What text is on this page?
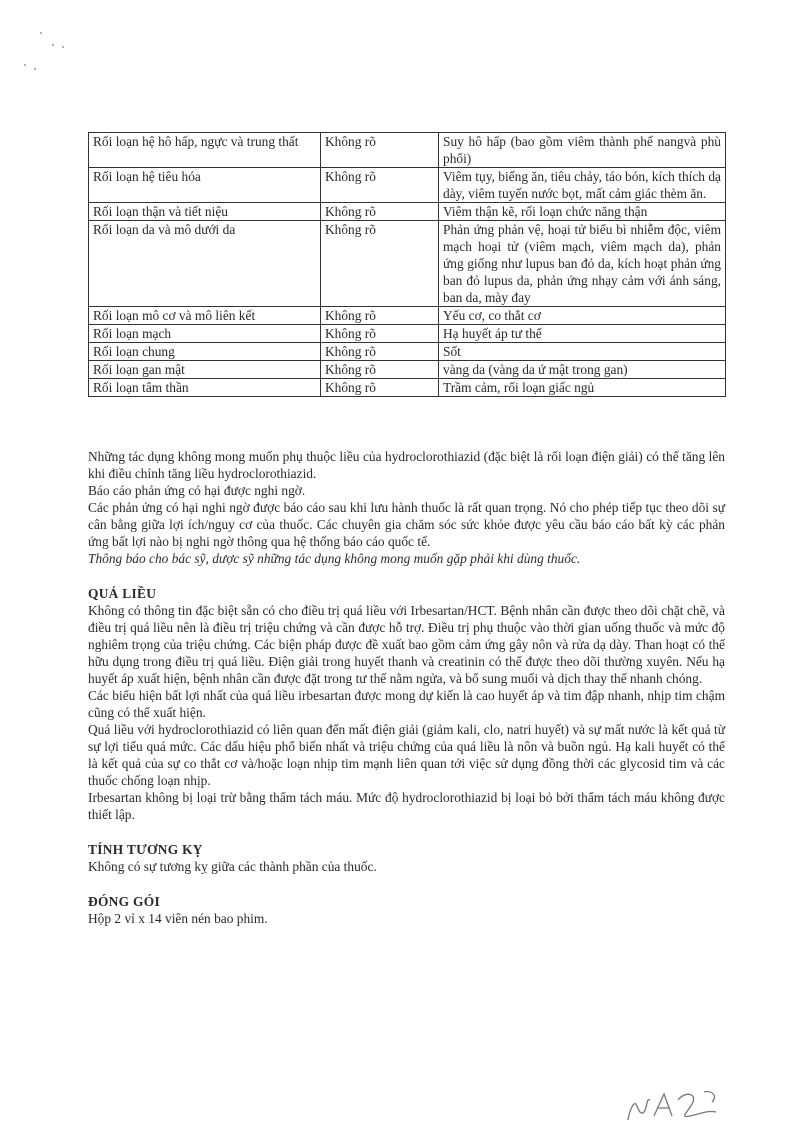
Rối loạn hệ hô hấp, ngực và trung thất	Không rõ	Suy hô hấp (bao gồm viêm thành phế nangvà phù phổi)
Rối loạn hệ tiêu hóa	Không rõ	Viêm tụy, biếng ăn, tiêu chảy, táo bón, kích thích dạ dày, viêm tuyến nước bọt, mất cảm giác thèm ăn.
Rối loạn thận và tiết niệu	Không rõ	Viêm thận kẽ, rối loạn chức năng thận
Rối loạn da và mô dưới da	Không rõ	Phản ứng phản vệ, hoại tử biểu bì nhiễm độc, viêm mạch hoại tử (viêm mạch, viêm mạch da), phản ứng giống như lupus ban đỏ da, kích hoạt phản ứng ban đỏ lupus da, phản ứng nhạy cảm với ánh sáng, ban da, mày đay
Rối loạn mô cơ và mô liên kết	Không rõ	Yếu cơ, co thắt cơ
Rối loạn mạch	Không rõ	Hạ huyết áp tư thế
Rối loạn chung	Không rõ	Sốt
Rối loạn gan mật	Không rõ	vàng da (vàng da ứ mật trong gan)
Rối loạn tâm thần	Không rõ	Trầm cảm, rối loạn giấc ngủ

Những tác dụng không mong muốn phụ thuộc liều của hydroclorothiazid (đặc biệt là rối loạn điện giải) có thể tăng lên khi điều chỉnh tăng liều hydroclorothiazid.

Báo cáo phản ứng có hại được nghi ngờ.

Các phản ứng có hại nghi ngờ được báo cáo sau khi lưu hành thuốc là rất quan trọng. Nó cho phép tiếp tục theo dõi sự cân bằng giữa lợi ích/nguy cơ của thuốc. Các chuyên gia chăm sóc sức khỏe được yêu cầu báo cáo bất kỳ các phản ứng bất lợi nào bị nghi ngờ thông qua hệ thống báo cáo quốc tế.

Thông báo cho bác sỹ, dược sỹ những tác dụng không mong muốn gặp phải khi dùng thuốc.

QUÁ LIỀU

Không có thông tin đặc biệt sẵn có cho điều trị quá liều với Irbesartan/HCT. Bệnh nhân cần được theo dõi chặt chẽ, và điều trị quá liều nên là điều trị triệu chứng và cần được hỗ trợ. Điều trị phụ thuộc vào thời gian uống thuốc và mức độ nghiêm trọng của triệu chứng. Các biện pháp được đề xuất bao gồm cảm ứng gây nôn và rửa dạ dày. Than hoạt có thể hữu dụng trong điều trị quá liều. Điện giải trong huyết thanh và creatinin có thể được theo dõi thường xuyên. Nếu hạ huyết áp xuất hiện, bệnh nhân cần được đặt trong tư thế nằm ngửa, và bổ sung muối và dịch thay thế nhanh chóng.

Các biểu hiện bất lợi nhất của quá liều irbesartan được mong dự kiến là cao huyết áp và tim đập nhanh, nhịp tim chậm cũng có thể xuất hiện.

Quá liều với hydroclorothiazid có liên quan đến mất điện giải (giảm kali, clo, natri huyết) và sự mất nước là kết quả từ sự lợi tiểu quá mức. Các dấu hiệu phổ biến nhất và triệu chứng của quá liều là nôn và buồn ngủ. Hạ kali huyết có thể là kết quả của sự co thắt cơ và/hoặc loạn nhịp tim mạnh liên quan tới việc sử dụng đồng thời các glycosid tim và các thuốc chống loạn nhịp.

Irbesartan không bị loại trừ bằng thẩm tách máu. Mức độ hydroclorothiazid bị loại bỏ bởi thẩm tách máu không được thiết lập.

TÍNH TƯƠNG KỴ

Không có sự tương kỵ giữa các thành phần của thuốc.

ĐÓNG GÓI

Hộp 2 vỉ x 14 viên nén bao phim.
